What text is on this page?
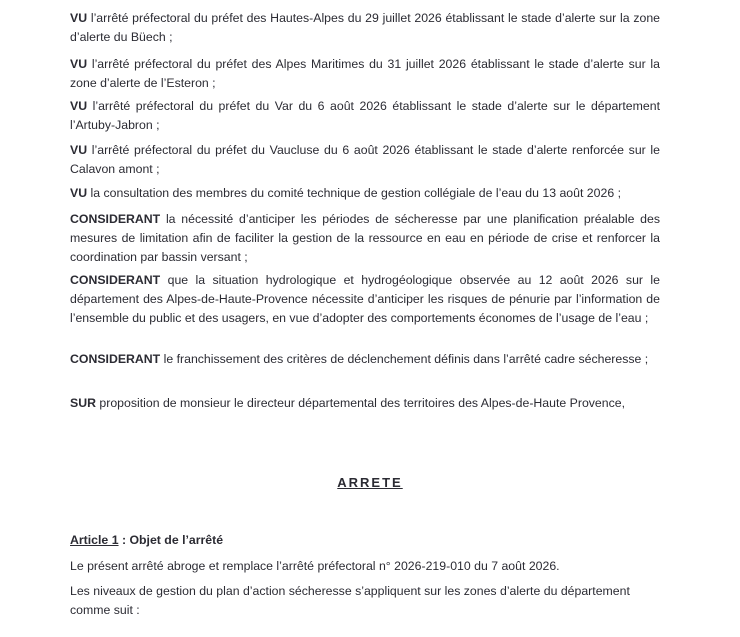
VU l’arrêté préfectoral du préfet des Hautes-Alpes du 29 juillet 2026 établissant le stade d’alerte sur la zone d’alerte du Büech ;

VU l’arrêté préfectoral du préfet des Alpes Maritimes du 31 juillet 2026 établissant le stade d’alerte sur la zone d’alerte de l’Esteron ;

VU l’arrêté préfectoral du préfet du Var du 6 août 2026 établissant le stade d’alerte sur le département l’Artuby-Jabron ;

VU l’arrêté préfectoral du préfet du Vaucluse du 6 août 2026 établissant le stade d’alerte renforcée sur le Calavon amont ;

VU la consultation des membres du comité technique de gestion collégiale de l’eau du 13 août 2026 ;

CONSIDERANT la nécessité d’anticiper les périodes de sécheresse par une planification préalable des mesures de limitation afin de faciliter la gestion de la ressource en eau en période de crise et renforcer la coordination par bassin versant ;

CONSIDERANT que la situation hydrologique et hydrogéologique observée au 12 août 2026 sur le département des Alpes-de-Haute-Provence nécessite d’anticiper les risques de pénurie par l’information de l’ensemble du public et des usagers, en vue d’adopter des comportements économes de l’usage de l’eau ;

CONSIDERANT le franchissement des critères de déclenchement définis dans l’arrêté cadre sécheresse ;

SUR proposition de monsieur le directeur départemental des territoires des Alpes-de-Haute Provence,

ARRETE
Article 1 : Objet de l’arrêté

Le présent arrêté abroge et remplace l’arrêté préfectoral n° 2026-219-010 du 7 août 2026.

Les niveaux de gestion du plan d’action sécheresse s’appliquent sur les zones d’alerte du département comme suit :
